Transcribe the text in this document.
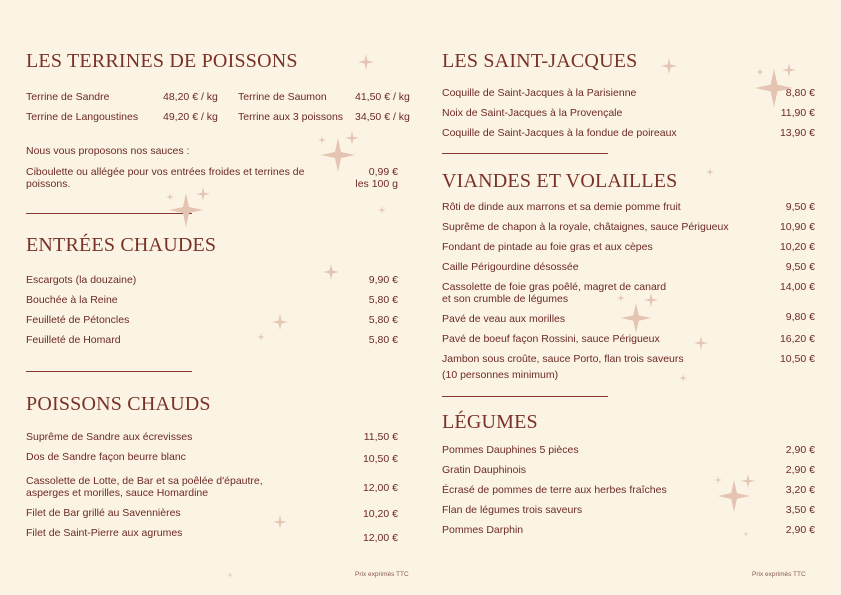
LES TERRINES DE POISSONS
Terrine de Sandre	48,20 € / kg Terrine de Saumon	41,50 € / kg
Terrine de Langoustines 49,20 € / kg Terrine aux 3 poissons 34,50 € / kg
Nous vous proposons nos sauces :
Ciboulette ou allégée pour vos entrées froides et terrines de
poissons.
0,99 €
les 100 g
ENTRÉES CHAUDES
Escargots (la douzaine)	9,90 €
Bouchée à la Reine	5,80 €
Feuilleté de Pétoncles	5,80 €
Feuilleté de Homard	5,80 €
POISSONS CHAUDS
Suprême de Sandre aux écrevisses	11,50 €
Dos de Sandre façon beurre blanc	10,50 €
Cassolette de Lotte, de Bar et sa poêlée d'épautre,
asperges et morilles, sauce Homardine	12,00 €
Filet de Bar grillé au Savennières	10,20 €
Filet de Saint-Pierre aux agrumes	12,00 €
Prix exprimés TTC
LES SAINT-JACQUES
Coquille de Saint-Jacques à la Parisienne	8,80 €
Noix de Saint-Jacques à la Provençale	11,90 €
Coquille de Saint-Jacques à la fondue de poireaux	13,90 €
VIANDES ET VOLAILLES
Rôti de dinde aux marrons et sa demie pomme fruit	9,50 €
Suprême de chapon à la royale, châtaignes, sauce Périgueux	10,90 €
Fondant de pintade au foie gras et aux cèpes	10,20 €
Caille Périgourdine désossée	9,50 €
Cassolette de foie gras poêlé, magret de canard
et son crumble de légumes
14,00 €
Pavé de veau aux morilles	9,80 €
Pavé de boeuf façon Rossini, sauce Périgueux	16,20 €
Jambon sous croûte, sauce Porto, flan trois saveurs
(10 personnes minimum)
10,50 €
LÉGUMES
Pommes Dauphines 5 pièces	2,90 €
Gratin Dauphinois	2,90 €
Écrasé de pommes de terre aux herbes fraîches	3,20 €
Flan de légumes trois saveurs	3,50 €
Pommes Darphin	2,90 €
Prix exprimés TTC
